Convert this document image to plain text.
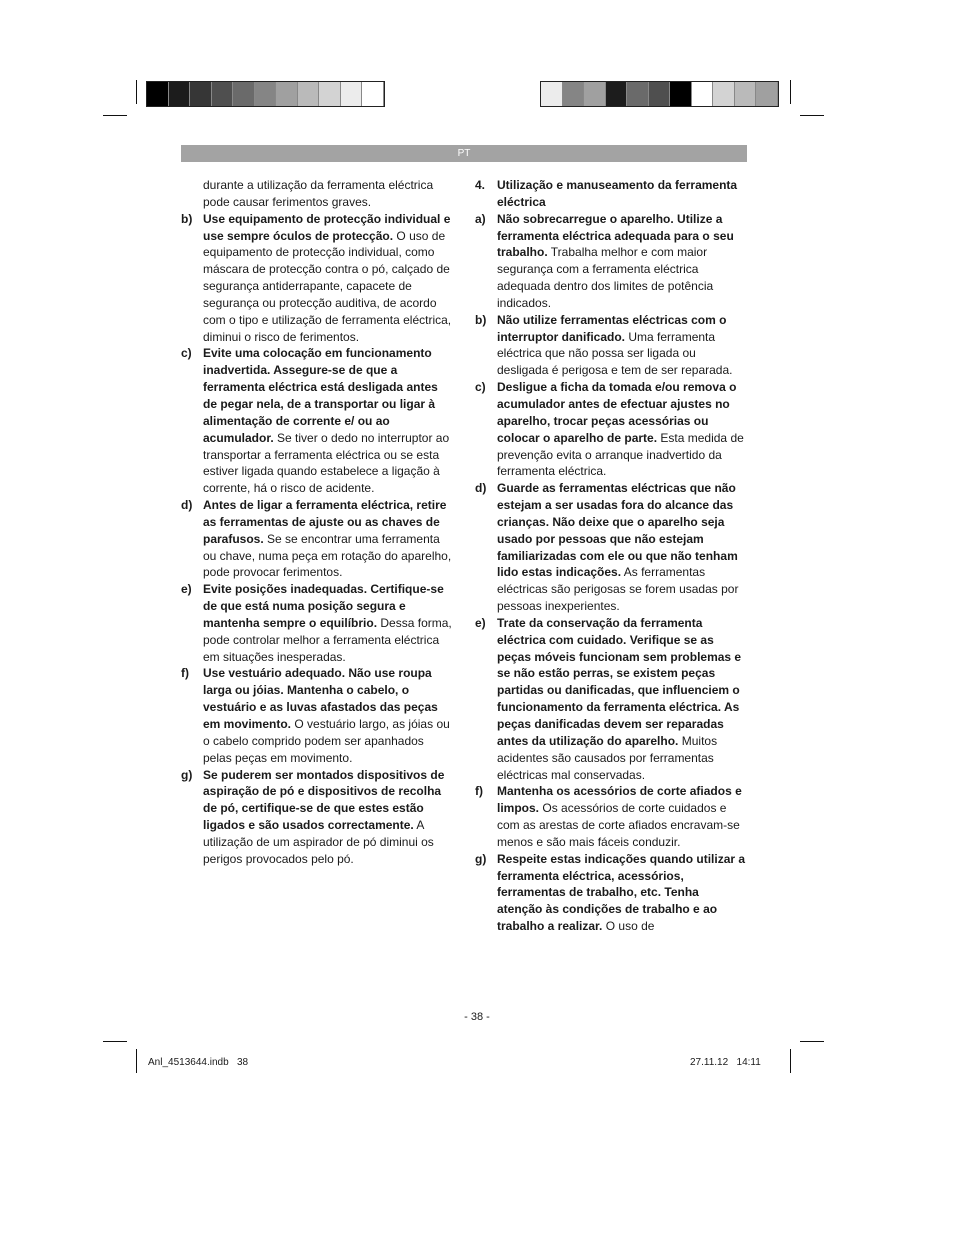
PT

durante a utilização da ferramenta eléctrica pode causar ferimentos graves.

b) Use equipamento de protecção individual e use sempre óculos de protecção. O uso de equipamento de protecção individual, como máscara de protecção contra o pó, calçado de segurança antiderrapante, capacete de segurança ou protecção auditiva, de acordo com o tipo e utilização de ferramenta eléctrica, diminui o risco de ferimentos.
c) Evite uma colocação em funcionamento inadvertida. Assegure-se de que a ferramenta eléctrica está desligada antes de pegar nela, de a transportar ou ligar à alimentação de corrente e/ ou ao acumulador. Se tiver o dedo no interruptor ao transportar a ferramenta eléctrica ou se esta estiver ligada quando estabelece a ligação à corrente, há o risco de acidente.
d) Antes de ligar a ferramenta eléctrica, retire as ferramentas de ajuste ou as chaves de parafusos. Se se encontrar uma ferramenta ou chave, numa peça em rotação do aparelho, pode provocar ferimentos.
e) Evite posições inadequadas. Certifique-se de que está numa posição segura e mantenha sempre o equilíbrio. Dessa forma, pode controlar melhor a ferramenta eléctrica em situações inesperadas.
f)	Use vestuário adequado. Não use roupa larga ou jóias. Mantenha o cabelo, o vestuário e as luvas afastados das peças em movimento. O vestuário largo, as jóias ou o cabelo comprido podem ser apanhados pelas peças em movimento.
g) Se puderem ser montados dispositivos de aspiração de pó e dispositivos de recolha de pó, certifique-se de que estes estão ligados e são usados correctamente. A utilização de um aspirador de pó diminui os perigos provocados pelo pó.
4. Utilização e manuseamento da ferramenta eléctrica
a) Não sobrecarregue o aparelho. Utilize a ferramenta eléctrica adequada para o seu trabalho. Trabalha melhor e com maior segurança com a ferramenta eléctrica adequada dentro dos limites de potência indicados.
b) Não utilize ferramentas eléctricas com o interruptor danificado. Uma ferramenta eléctrica que não possa ser ligada ou desligada é perigosa e tem de ser reparada.
c) Desligue a ficha da tomada e/ou remova o acumulador antes de efectuar ajustes no aparelho, trocar peças acessórias ou colocar o aparelho de parte. Esta medida de prevenção evita o arranque inadvertido da ferramenta eléctrica.
d) Guarde as ferramentas eléctricas que não estejam a ser usadas fora do alcance das crianças. Não deixe que o aparelho seja usado por pessoas que não estejam familiarizadas com ele ou que não tenham lido estas indicações. As ferramentas eléctricas são perigosas se forem usadas por pessoas inexperientes.
e) Trate da conservação da ferramenta eléctrica com cuidado. Verifique se as peças móveis funcionam sem problemas e se não estão perras, se existem peças partidas ou danificadas, que influenciem o funcionamento da ferramenta eléctrica. As peças danificadas devem ser reparadas antes da utilização do aparelho. Muitos acidentes são causados por ferramentas eléctricas mal conservadas.
f)	Mantenha os acessórios de corte afiados e limpos. Os acessórios de corte cuidados e com as arestas de corte afiados encravam-se menos e são mais fáceis conduzir.
g) Respeite estas indicações quando utilizar a ferramenta eléctrica, acessórios, ferramentas de trabalho, etc. Tenha atenção às condições de trabalho e ao trabalho a realizar. O uso de
- 38 -
Anl_4513644.indb   38	27.11.12   14:11
